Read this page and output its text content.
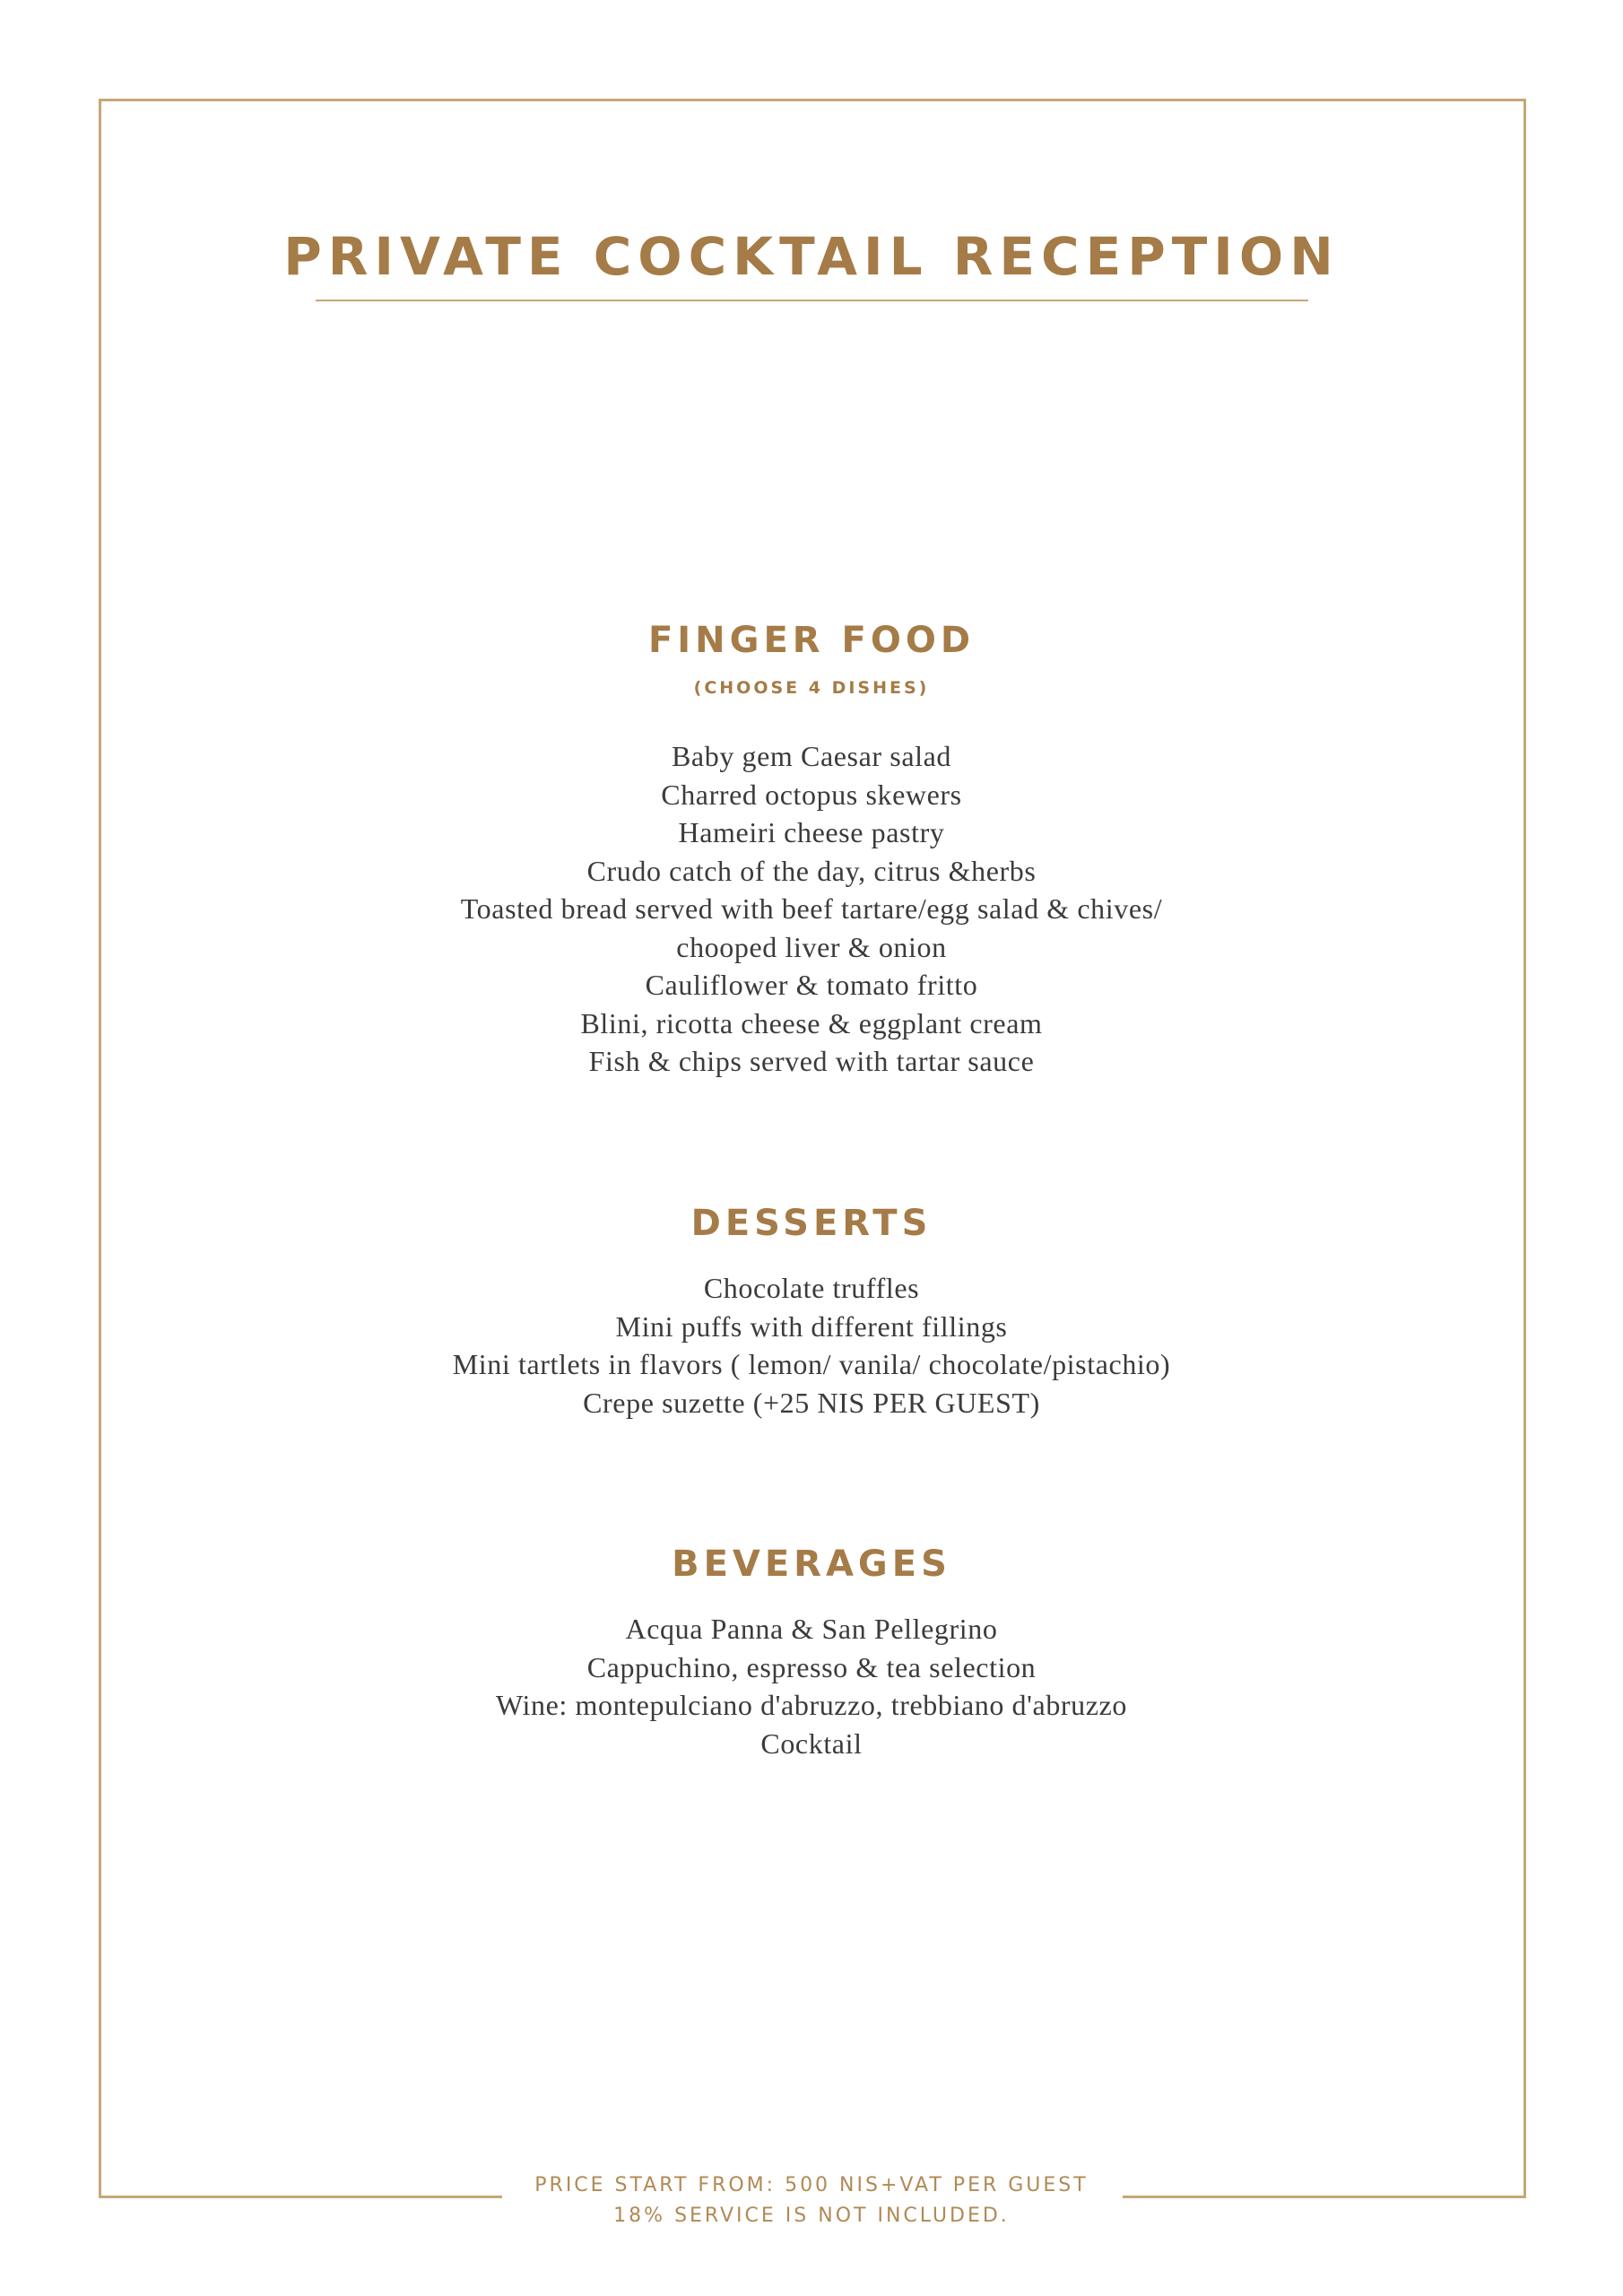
PRIVATE COCKTAIL RECEPTION
FINGER FOOD
(CHOOSE 4 DISHES)
Baby gem Caesar salad
Charred octopus skewers
Hameiri cheese pastry
Crudo catch of the day, citrus &herbs
Toasted bread served with beef tartare/egg salad & chives/
chooped liver & onion
Cauliflower & tomato fritto
Blini, ricotta cheese & eggplant cream
Fish & chips served with tartar sauce
DESSERTS
Chocolate truffles
Mini puffs with different fillings
Mini tartlets in flavors ( lemon/ vanila/ chocolate/pistachio)
Crepe suzette (+25 NIS PER GUEST)
BEVERAGES
Acqua Panna & San Pellegrino
Cappuchino, espresso & tea selection
Wine: montepulciano d'abruzzo, trebbiano d'abruzzo
Cocktail
PRICE START FROM: 500 NIS+VAT PER GUEST
18% SERVICE IS NOT INCLUDED.
